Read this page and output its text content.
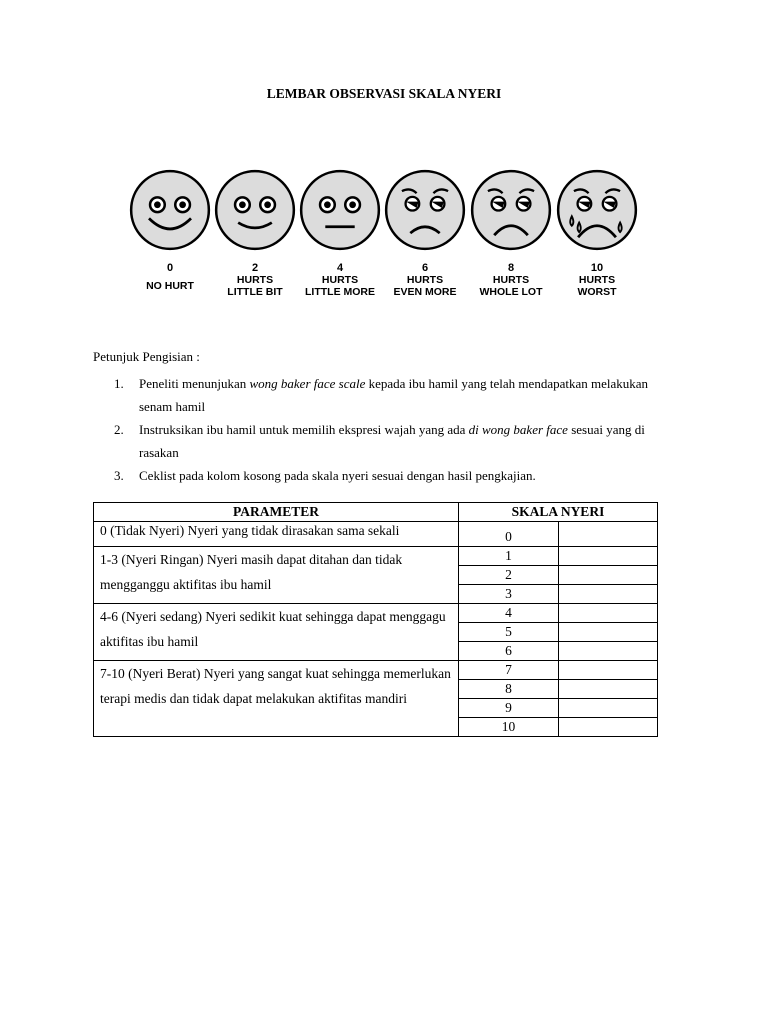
LEMBAR OBSERVASI SKALA NYERI
0
NO HURT
2
HURTS
LITTLE BIT
4
HURTS
LITTLE MORE
6
HURTS
EVEN MORE
8
HURTS
WHOLE LOT
10
HURTS
WORST
Petunjuk Pengisian :
1. Peneliti menunjukan wong baker face scale kepada ibu hamil yang telah mendapatkan melakukan senam hamil
2. Instruksikan ibu hamil untuk memilih ekspresi wajah yang ada di wong baker face sesuai yang di rasakan
3. Ceklist pada kolom kosong pada skala nyeri sesuai dengan hasil pengkajian.
PARAMETER	SKALA NYERI	
0 (Tidak Nyeri) Nyeri yang tidak dirasakan sama sekali	0	
1-3 (Nyeri Ringan) Nyeri masih dapat ditahan dan tidak mengganggu aktifitas ibu hamil	1	
	2	
	3	
4-6 (Nyeri sedang) Nyeri sedikit kuat sehingga dapat menggagu aktifitas ibu hamil	4	
	5	
	6	
7-10 (Nyeri Berat) Nyeri yang sangat kuat sehingga memerlukan terapi medis dan tidak dapat melakukan aktifitas mandiri	7	
	8	
	9	
	10	
